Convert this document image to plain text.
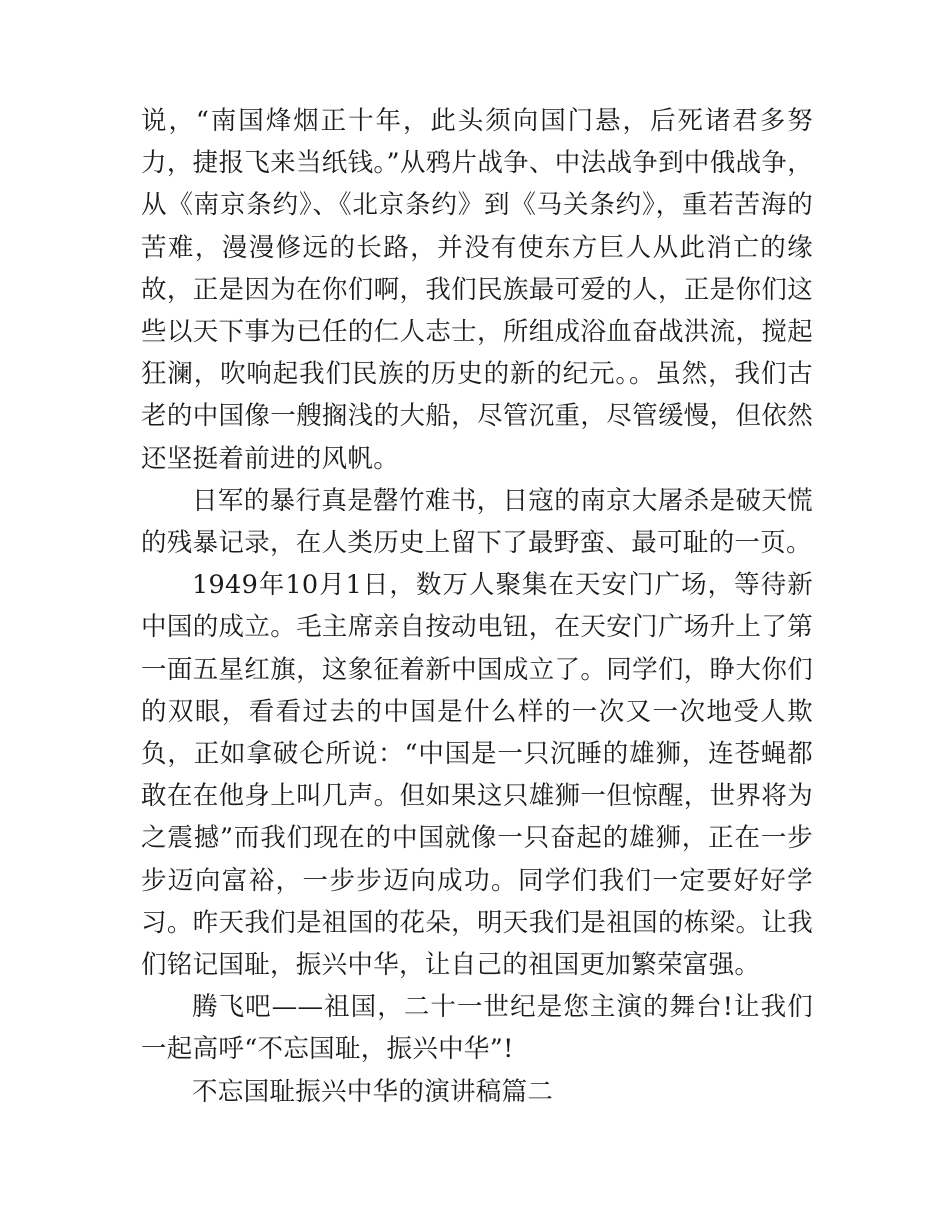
说，“南国烽烟正十年，此头须向国门悬，后死诸君多努力，捷报飞来当纸钱。”从鸦片战争、中法战争到中俄战争，从《南京条约》、《北京条约》到《马关条约》，重若苦海的苦难，漫漫修远的长路，并没有使东方巨人从此消亡的缘故，正是因为在你们啊，我们民族最可爱的人，正是你们这些以天下事为已任的仁人志士，所组成浴血奋战洪流，搅起狂澜，吹响起我们民族的历史的新的纪元。。虽然，我们古老的中国像一艘搁浅的大船，尽管沉重，尽管缓慢，但依然还坚挺着前进的风帆。

日军的暴行真是罄竹难书，日寇的南京大屠杀是破天慌的残暴记录，在人类历史上留下了最野蛮、最可耻的一页。

1949年10月1日，数万人聚集在天安门广场，等待新中国的成立。毛主席亲自按动电钮，在天安门广场升上了第一面五星红旗，这象征着新中国成立了。同学们，睁大你们的双眼，看看过去的中国是什么样的一次又一次地受人欺负，正如拿破仑所说：“中国是一只沉睡的雄狮，连苍蝇都敢在在他身上叫几声。但如果这只雄狮一但惊醒，世界将为之震撼”而我们现在的中国就像一只奋起的雄狮，正在一步步迈向富裕，一步步迈向成功。同学们我们一定要好好学习。昨天我们是祖国的花朵，明天我们是祖国的栋梁。让我们铭记国耻，振兴中华，让自己的祖国更加繁荣富强。

腾飞吧——祖国，二十一世纪是您主演的舞台!让我们一起高呼“不忘国耻，振兴中华”!

不忘国耻振兴中华的演讲稿篇二
